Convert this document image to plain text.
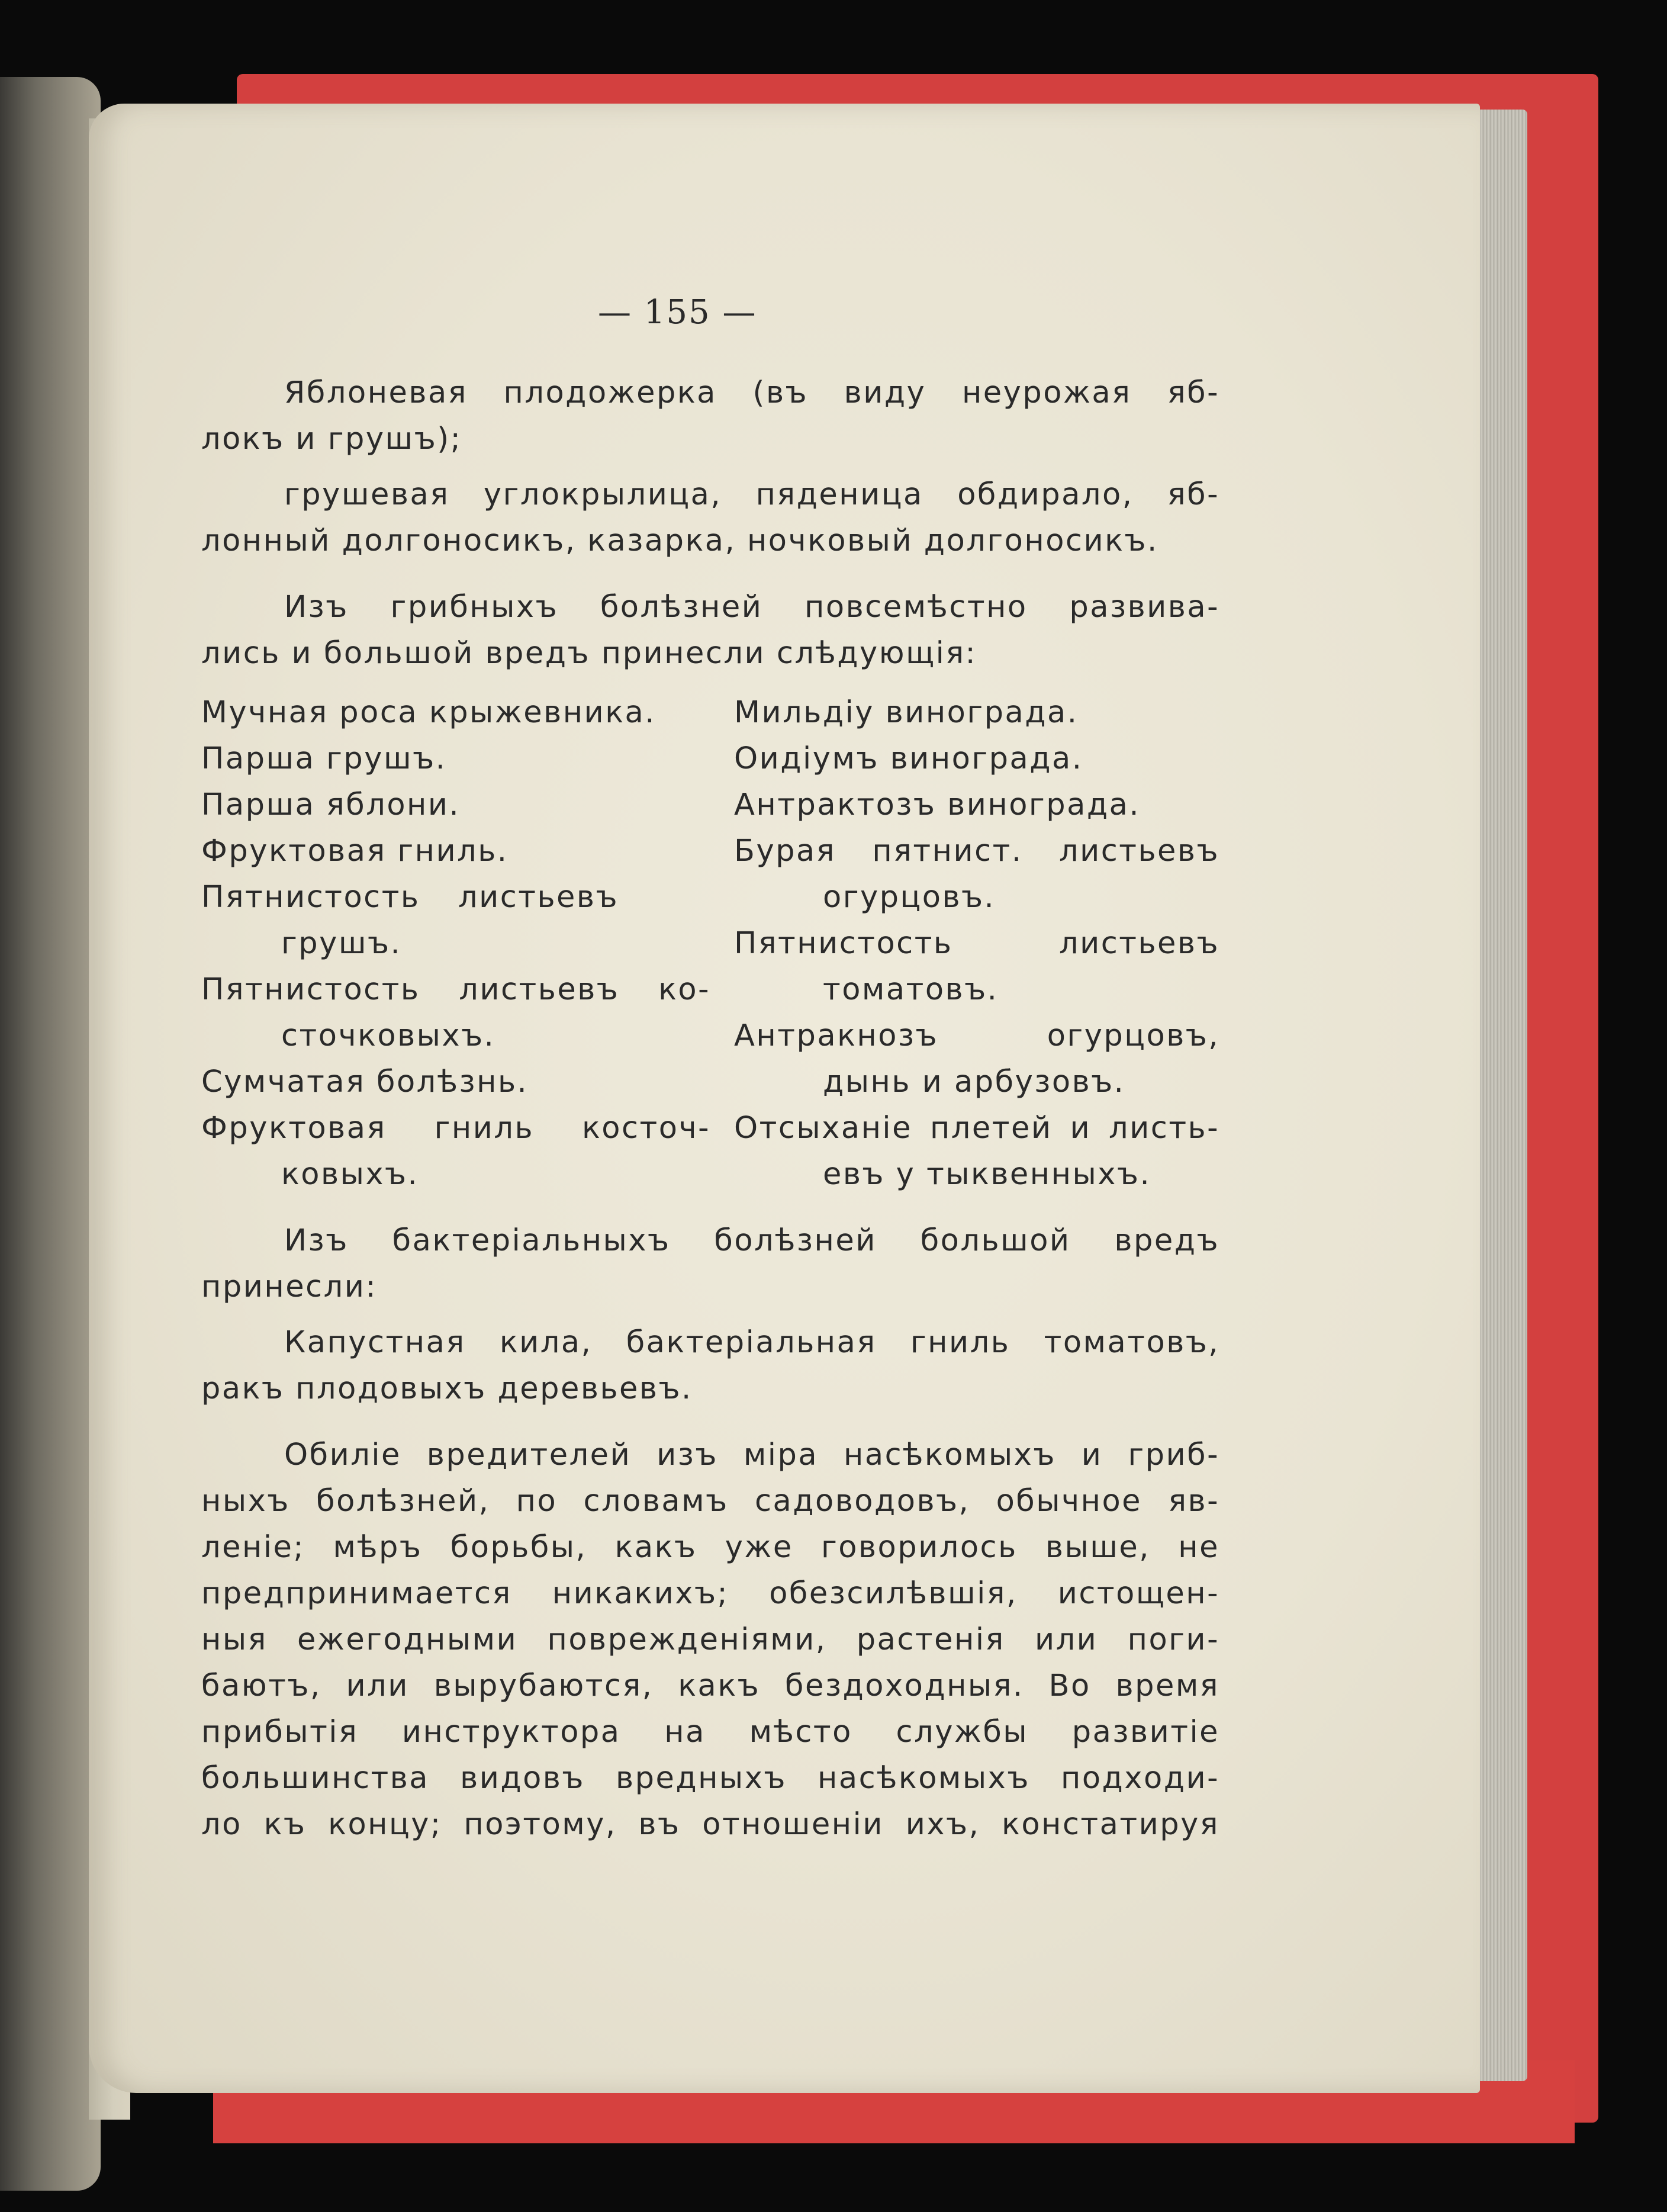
— 155 —
Яблоневая плодожерка (въ виду неурожая яб-
локъ и грушъ);
грушевая углокрылица, пяденица обдирало, яб-
лонный долгоносикъ, казарка, ночковый долгоносикъ.
Изъ грибныхъ болѣзней повсемѣстно развива-
лись и большой вредъ принесли слѣдующія:
Мучная роса крыжевника.
Парша грушъ.
Парша яблони.
Фруктовая гниль.
Пятнистость листьевъ
грушъ.
Пятнистость листьевъ ко-
сточковыхъ.
Сумчатая болѣзнь.
Фруктовая гниль косточ-
ковыхъ.
Мильдіу винограда.
Оидіумъ винограда.
Антрактозъ винограда.
Бурая пятнист. листьевъ
огурцовъ.
Пятнистость листьевъ
томатовъ.
Антракнозъ огурцовъ,
дынь и арбузовъ.
Отсыханіе плетей и листь-
евъ у тыквенныхъ.
Изъ бактеріальныхъ болѣзней большой вредъ
принесли:
Капустная кила, бактеріальная гниль томатовъ,
ракъ плодовыхъ деревьевъ.
Обиліе вредителей изъ міра насѣкомыхъ и гриб-
ныхъ болѣзней, по словамъ садоводовъ, обычное яв-
леніе; мѣръ борьбы, какъ уже говорилось выше, не
предпринимается никакихъ; обезсилѣвшія, истощен-
ныя ежегодными поврежденіями, растенія или поги-
баютъ, или вырубаются, какъ бездоходныя. Во время
прибытія инструктора на мѣсто службы развитіе
большинства видовъ вредныхъ насѣкомыхъ подходи-
ло къ концу; поэтому, въ отношеніи ихъ, констатируя
